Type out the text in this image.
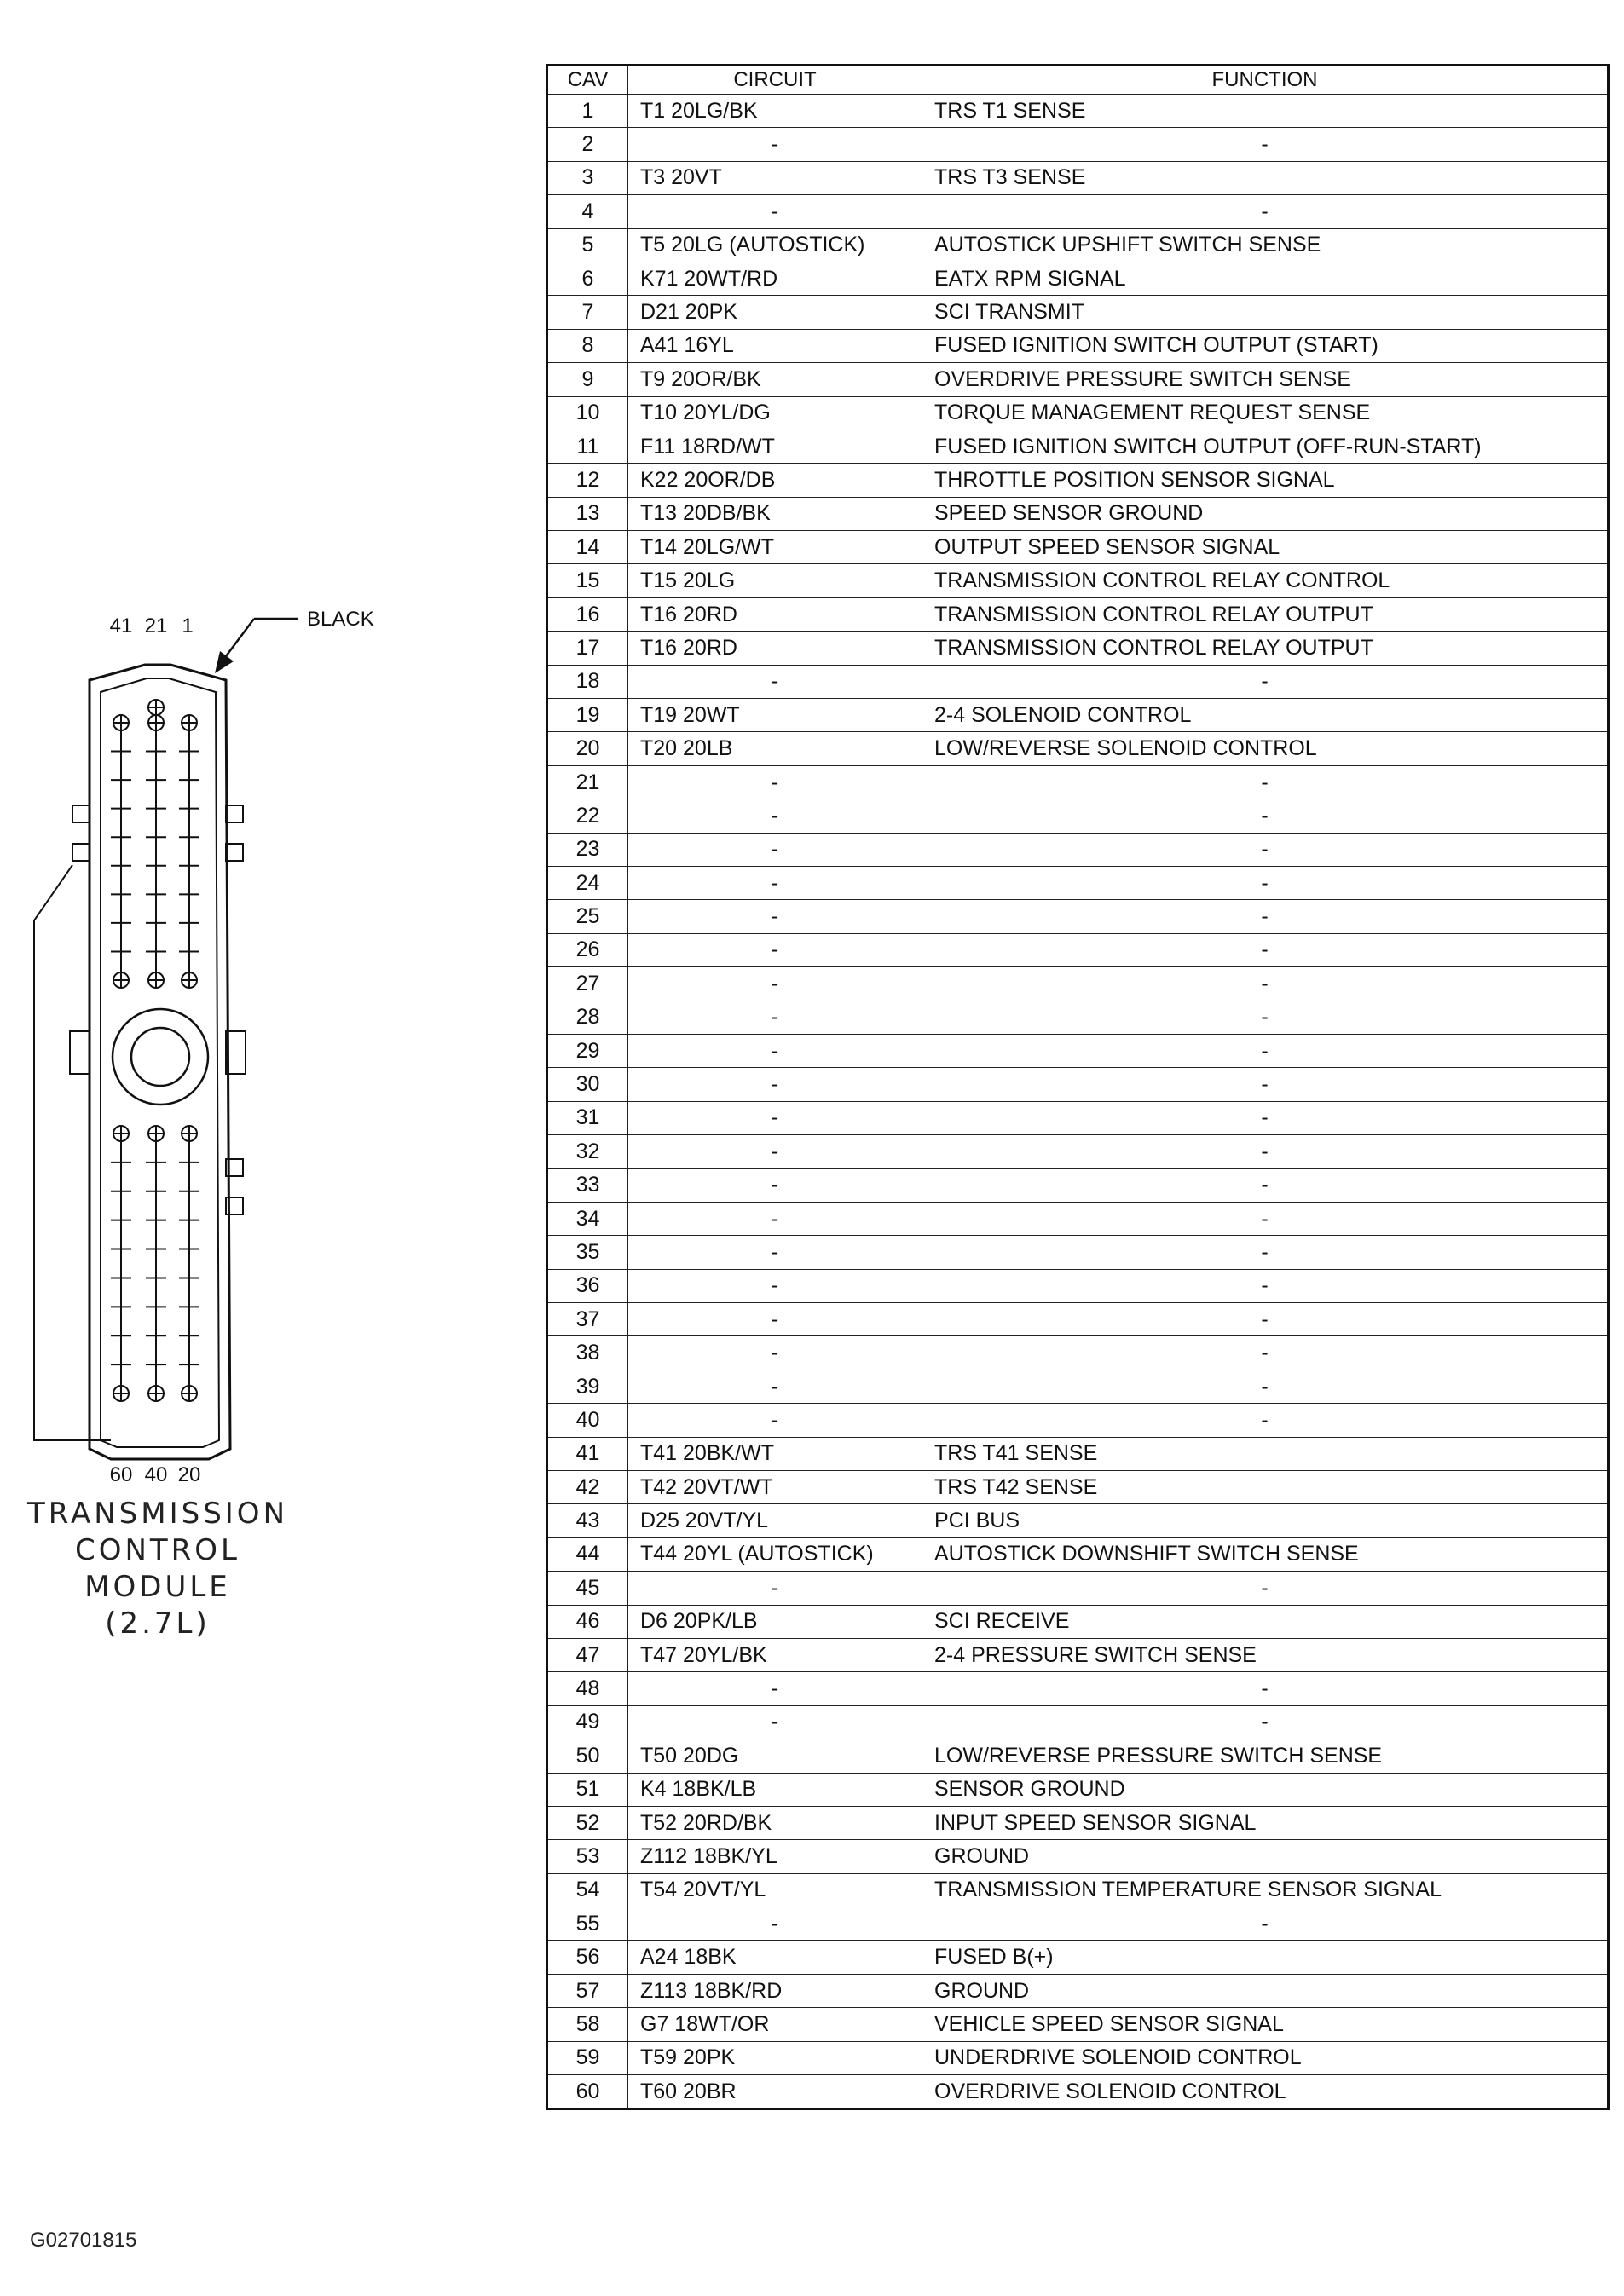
41 21 1	BLACK
TRANSMISSION
CONTROL
MODULE
(2.7L)
60 40 20
G02701815
CAV	CIRCUIT	FUNCTION
1	T1 20LG/BK	TRS T1 SENSE
2	-	-
3	T3 20VT	TRS T3 SENSE
4	-	-
5	T5 20LG (AUTOSTICK)	AUTOSTICK UPSHIFT SWITCH SENSE
6	K71 20WT/RD	EATX RPM SIGNAL
7	D21 20PK	SCI TRANSMIT
8	A41 16YL	FUSED IGNITION SWITCH OUTPUT (START)
9	T9 20OR/BK	OVERDRIVE PRESSURE SWITCH SENSE
10	T10 20YL/DG	TORQUE MANAGEMENT REQUEST SENSE
11	F11 18RD/WT	FUSED IGNITION SWITCH OUTPUT (OFF-RUN-START)
12	K22 20OR/DB	THROTTLE POSITION SENSOR SIGNAL
13	T13 20DB/BK	SPEED SENSOR GROUND
14	T14 20LG/WT	OUTPUT SPEED SENSOR SIGNAL
15	T15 20LG	TRANSMISSION CONTROL RELAY CONTROL
16	T16 20RD	TRANSMISSION CONTROL RELAY OUTPUT
17	T16 20RD	TRANSMISSION CONTROL RELAY OUTPUT
18	-	-
19	T19 20WT	2-4 SOLENOID CONTROL
20	T20 20LB	LOW/REVERSE SOLENOID CONTROL
21	-	-
22	-	-
23	-	-
24	-	-
25	-	-
26	-	-
27	-	-
28	-	-
29	-	-
30	-	-
31	-	-
32	-	-
33	-	-
34	-	-
35	-	-
36	-	-
37	-	-
38	-	-
39	-	-
40	-	-
41	T41 20BK/WT	TRS T41 SENSE
42	T42 20VT/WT	TRS T42 SENSE
43	D25 20VT/YL	PCI BUS
44	T44 20YL (AUTOSTICK)	AUTOSTICK DOWNSHIFT SWITCH SENSE
45	-	-
46	D6 20PK/LB	SCI RECEIVE
47	T47 20YL/BK	2-4 PRESSURE SWITCH SENSE
48	-	-
49	-	-
50	T50 20DG	LOW/REVERSE PRESSURE SWITCH SENSE
51	K4 18BK/LB	SENSOR GROUND
52	T52 20RD/BK	INPUT SPEED SENSOR SIGNAL
53	Z112 18BK/YL	GROUND
54	T54 20VT/YL	TRANSMISSION TEMPERATURE SENSOR SIGNAL
55	-	-
56	A24 18BK	FUSED B(+)
57	Z113 18BK/RD	GROUND
58	G7 18WT/OR	VEHICLE SPEED SENSOR SIGNAL
59	T59 20PK	UNDERDRIVE SOLENOID CONTROL
60	T60 20BR	OVERDRIVE SOLENOID CONTROL
